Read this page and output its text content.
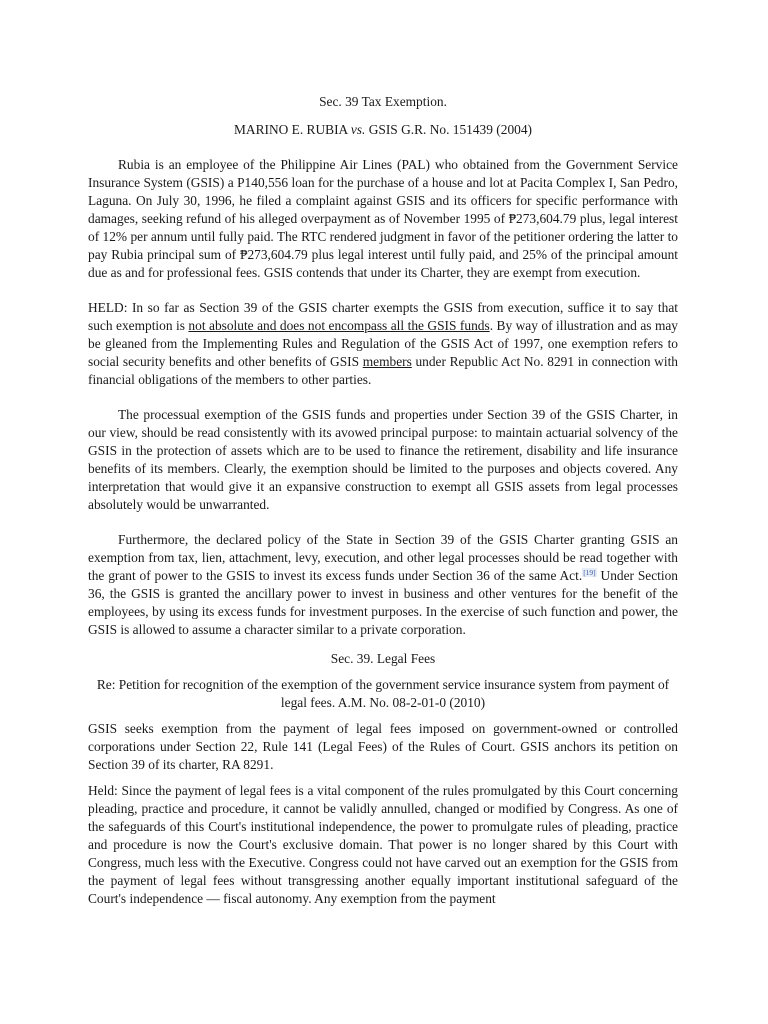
Sec. 39 Tax Exemption.

MARINO E. RUBIA vs. GSIS G.R. No. 151439 (2004)

Rubia is an employee of the Philippine Air Lines (PAL) who obtained from the Government Service Insurance System (GSIS) a P140,556 loan for the purchase of a house and lot at Pacita Complex I, San Pedro, Laguna. On July 30, 1996, he filed a complaint against GSIS and its officers for specific performance with damages, seeking refund of his alleged overpayment as of November 1995 of ₱273,604.79 plus, legal interest of 12% per annum until fully paid. The RTC rendered judgment in favor of the petitioner ordering the latter to pay Rubia principal sum of ₱273,604.79 plus legal interest until fully paid, and 25% of the principal amount due as and for professional fees. GSIS contends that under its Charter, they are exempt from execution.

HELD: In so far as Section 39 of the GSIS charter exempts the GSIS from execution, suffice it to say that such exemption is not absolute and does not encompass all the GSIS funds. By way of illustration and as may be gleaned from the Implementing Rules and Regulation of the GSIS Act of 1997, one exemption refers to social security benefits and other benefits of GSIS members under Republic Act No. 8291 in connection with financial obligations of the members to other parties.

The processual exemption of the GSIS funds and properties under Section 39 of the GSIS Charter, in our view, should be read consistently with its avowed principal purpose: to maintain actuarial solvency of the GSIS in the protection of assets which are to be used to finance the retirement, disability and life insurance benefits of its members. Clearly, the exemption should be limited to the purposes and objects covered. Any interpretation that would give it an expansive construction to exempt all GSIS assets from legal processes absolutely would be unwarranted.

Furthermore, the declared policy of the State in Section 39 of the GSIS Charter granting GSIS an exemption from tax, lien, attachment, levy, execution, and other legal processes should be read together with the grant of power to the GSIS to invest its excess funds under Section 36 of the same Act.[19] Under Section 36, the GSIS is granted the ancillary power to invest in business and other ventures for the benefit of the employees, by using its excess funds for investment purposes. In the exercise of such function and power, the GSIS is allowed to assume a character similar to a private corporation.

Sec. 39. Legal Fees

Re: Petition for recognition of the exemption of the government service insurance system from payment of legal fees. A.M. No. 08-2-01-0 (2010)

GSIS seeks exemption from the payment of legal fees imposed on government-owned or controlled corporations under Section 22, Rule 141 (Legal Fees) of the Rules of Court. GSIS anchors its petition on Section 39 of its charter, RA 8291.

Held: Since the payment of legal fees is a vital component of the rules promulgated by this Court concerning pleading, practice and procedure, it cannot be validly annulled, changed or modified by Congress. As one of the safeguards of this Court's institutional independence, the power to promulgate rules of pleading, practice and procedure is now the Court's exclusive domain. That power is no longer shared by this Court with Congress, much less with the Executive. Congress could not have carved out an exemption for the GSIS from the payment of legal fees without transgressing another equally important institutional safeguard of the Court's independence — fiscal autonomy. Any exemption from the payment
